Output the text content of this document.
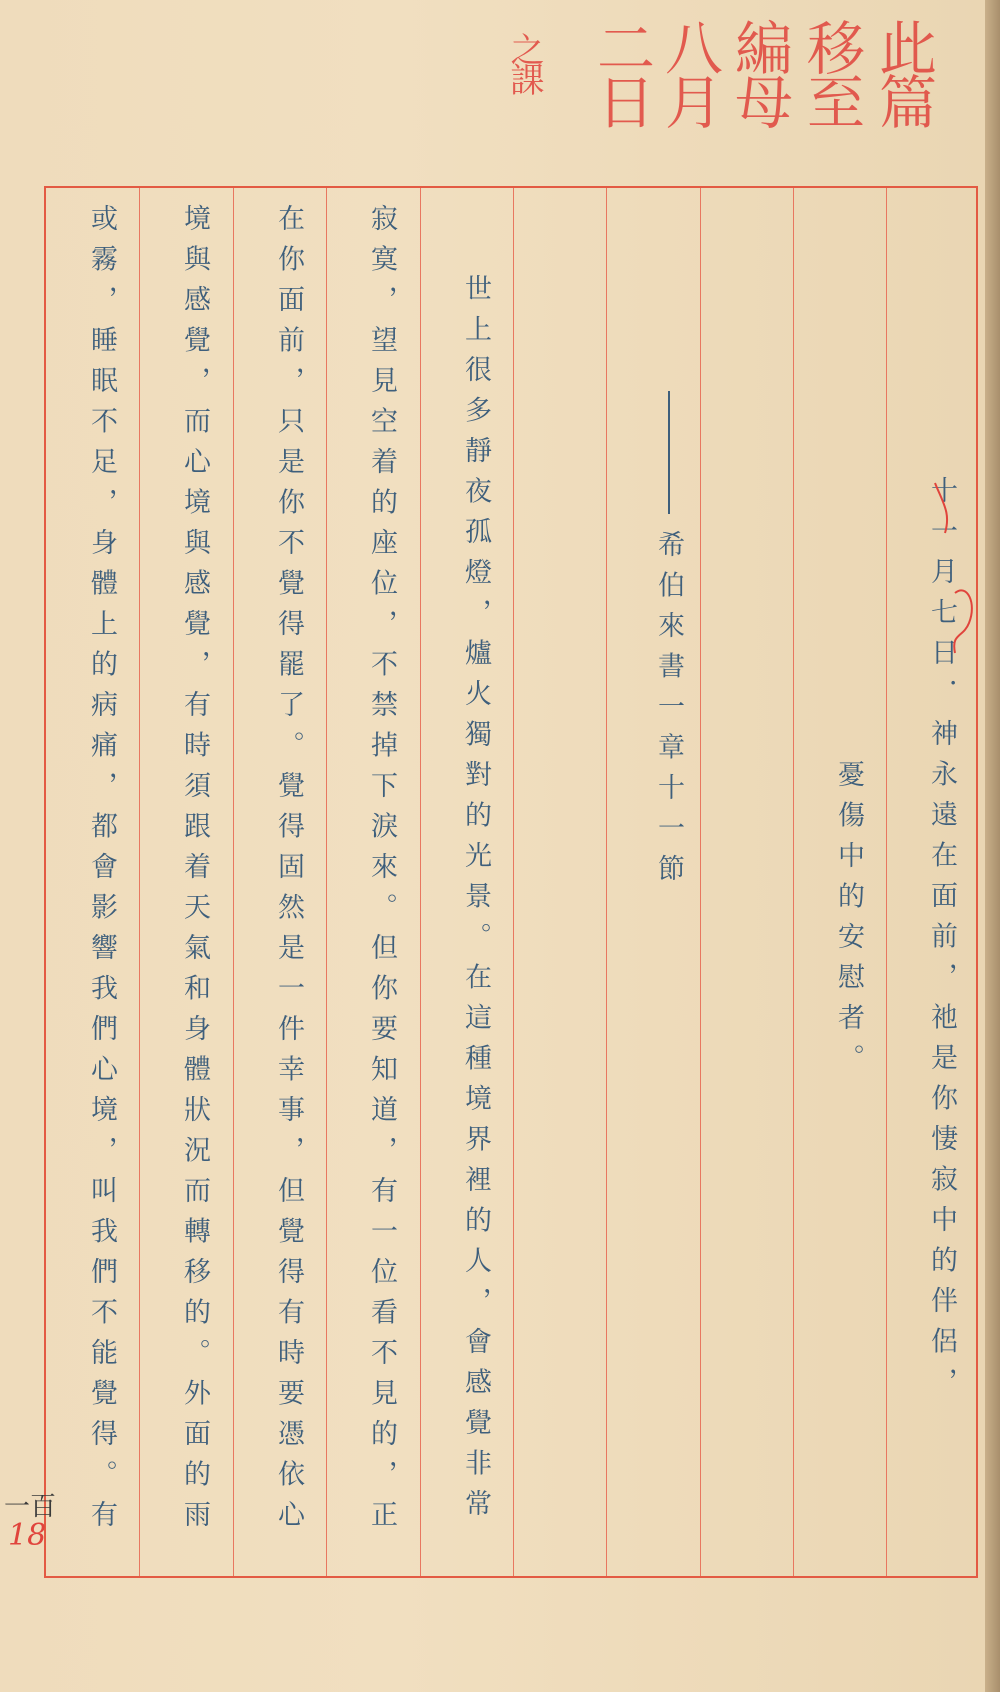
此篇
移至
編母
八月
二日
之課
十一月七日．神永遠在面前，祂是你悽寂中的伴侶，
憂傷中的安慰者。
希伯來書一章十一節
世上很多靜夜孤燈，爐火獨對的光景。在這種境界裡的人，會感覺非常
寂寞，望見空着的座位，不禁掉下淚來。但你要知道，有一位看不見的，正
在你面前，只是你不覺得罷了。覺得固然是一件幸事，但覺得有時要憑依心
境與感覺，而心境與感覺，有時須跟着天氣和身體狀況而轉移的。外面的雨
或霧，睡眠不足，身體上的病痛，都會影響我們心境，叫我們不能覺得。有
一百
18
